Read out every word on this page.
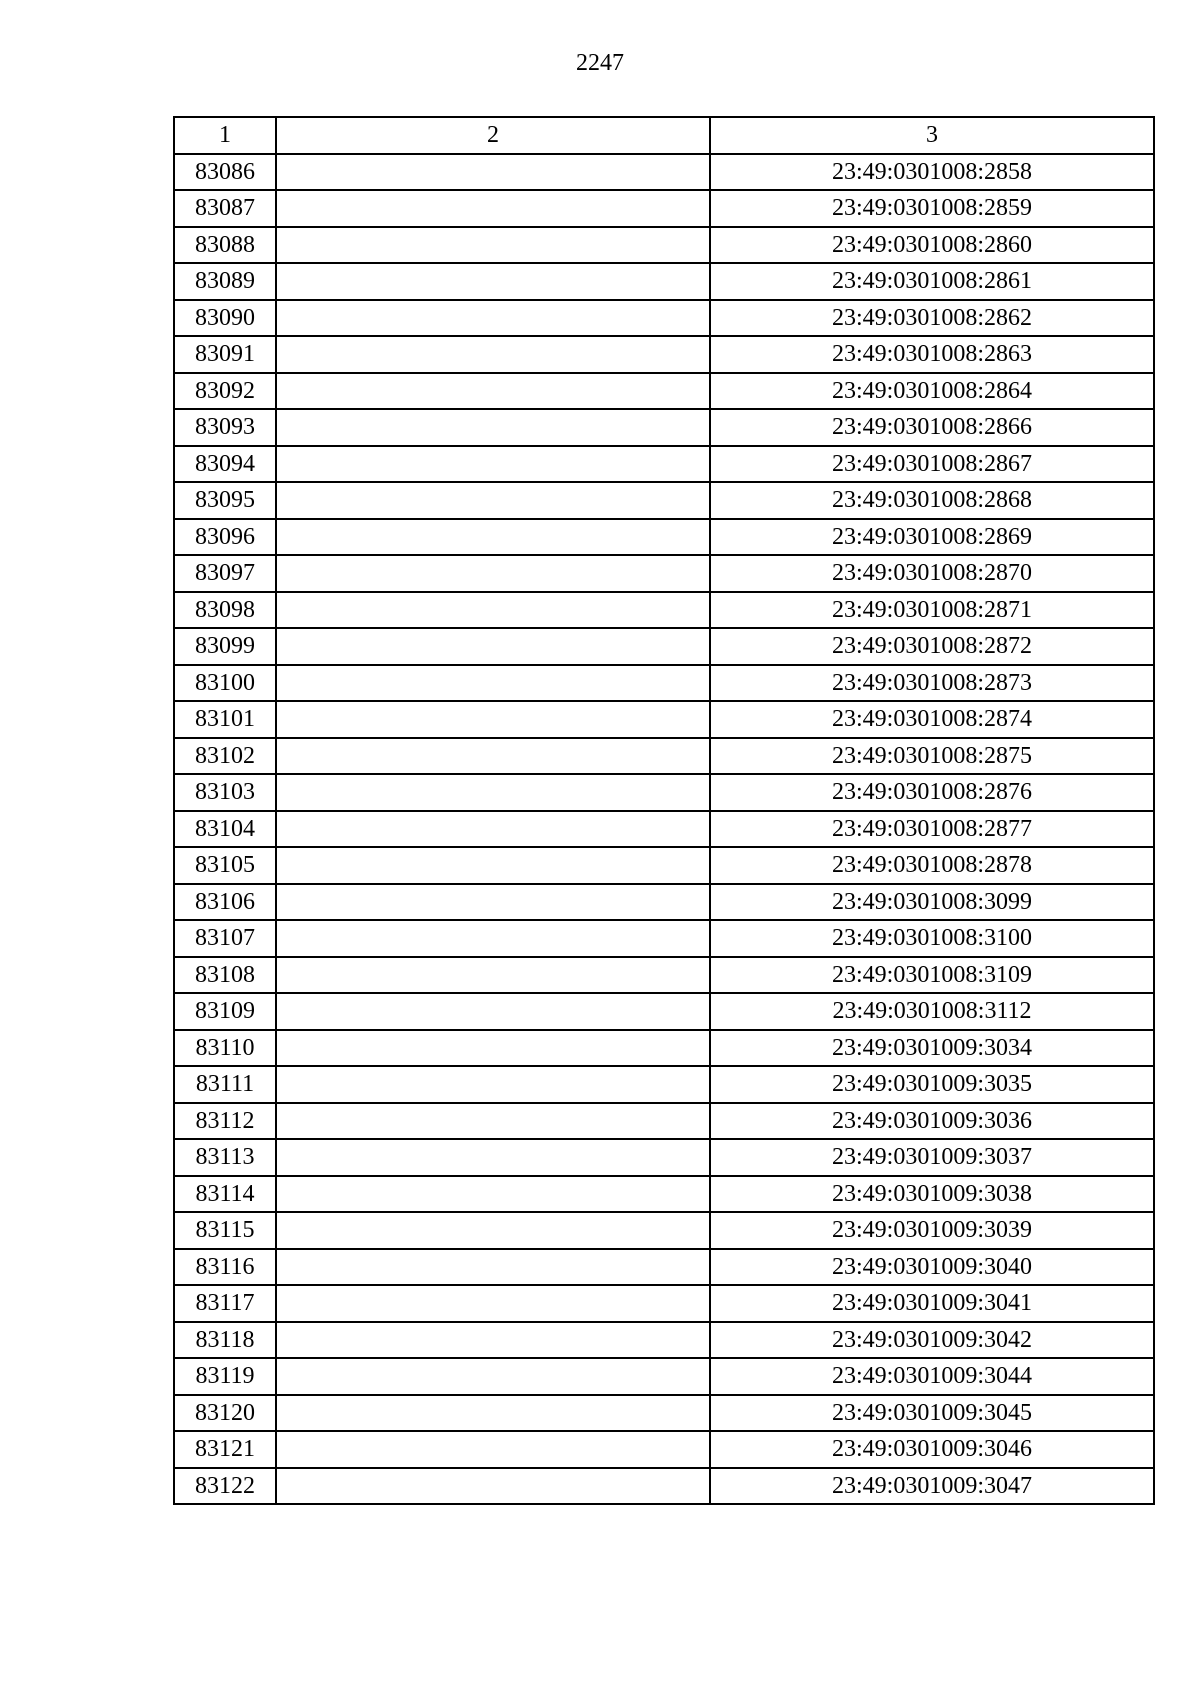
2247
1	2	3
83086		23:49:0301008:2858
83087		23:49:0301008:2859
83088		23:49:0301008:2860
83089		23:49:0301008:2861
83090		23:49:0301008:2862
83091		23:49:0301008:2863
83092		23:49:0301008:2864
83093		23:49:0301008:2866
83094		23:49:0301008:2867
83095		23:49:0301008:2868
83096		23:49:0301008:2869
83097		23:49:0301008:2870
83098		23:49:0301008:2871
83099		23:49:0301008:2872
83100		23:49:0301008:2873
83101		23:49:0301008:2874
83102		23:49:0301008:2875
83103		23:49:0301008:2876
83104		23:49:0301008:2877
83105		23:49:0301008:2878
83106		23:49:0301008:3099
83107		23:49:0301008:3100
83108		23:49:0301008:3109
83109		23:49:0301008:3112
83110		23:49:0301009:3034
83111		23:49:0301009:3035
83112		23:49:0301009:3036
83113		23:49:0301009:3037
83114		23:49:0301009:3038
83115		23:49:0301009:3039
83116		23:49:0301009:3040
83117		23:49:0301009:3041
83118		23:49:0301009:3042
83119		23:49:0301009:3044
83120		23:49:0301009:3045
83121		23:49:0301009:3046
83122		23:49:0301009:3047
